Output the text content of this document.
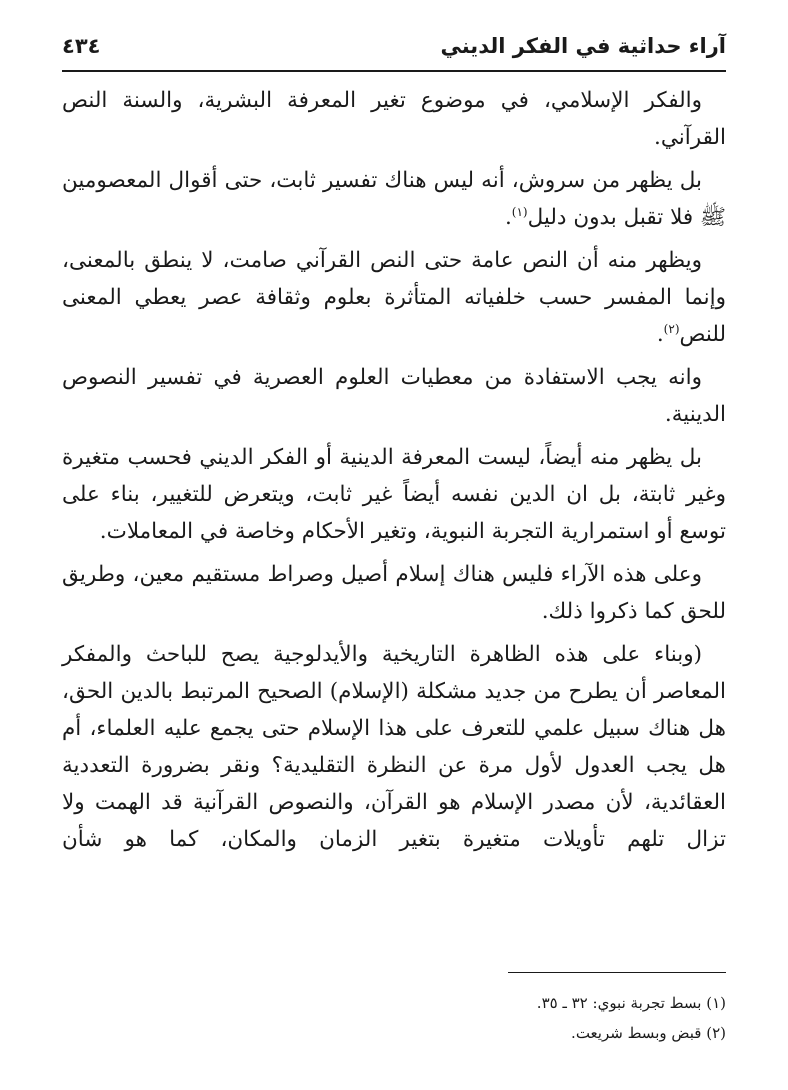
آراء حداثية في الفكر الديني
٤٣٤

والفكر الإسلامي، في موضوع تغير المعرفة البشرية، والسنة النص القرآني.

بل يظهر من سروش، أنه ليس هناك تفسير ثابت، حتى أقوال المعصومين ﷺ فلا تقبل بدون دليل$^{(١)}$.

ويظهر منه أن النص عامة حتى النص القرآني صامت، لا ينطق بالمعنى، وإنما المفسر حسب خلفياته المتأثرة بعلوم وثقافة عصر يعطي المعنى للنص$^{(٢)}$.

وانه يجب الاستفادة من معطيات العلوم العصرية في تفسير النصوص الدينية.

بل يظهر منه أيضاً، ليست المعرفة الدينية أو الفكر الديني فحسب متغيرة وغير ثابتة، بل ان الدين نفسه أيضاً غير ثابت، ويتعرض للتغيير، بناء على توسع أو استمرارية التجربة النبوية، وتغير الأحكام وخاصة في المعاملات.

وعلى هذه الآراء فليس هناك إسلام أصيل وصراط مستقيم معين، وطريق للحق كما ذكروا ذلك.

(وبناء على هذه الظاهرة التاريخية والأيدلوجية يصح للباحث والمفكر المعاصر أن يطرح من جديد مشكلة (الإسلام) الصحيح المرتبط بالدين الحق، هل هناك سبيل علمي للتعرف على هذا الإسلام حتى يجمع عليه العلماء، أم هل يجب العدول لأول مرة عن النظرة التقليدية؟ ونقر بضرورة التعددية العقائدية، لأن مصدر الإسلام هو القرآن، والنصوص القرآنية قد الهمت ولا تزال تلهم تأويلات متغيرة بتغير الزمان والمكان، كما هو شأن

(١) بسط تجربة نبوي: ٣٢ ـ ٣٥.

(٢) قبض وبسط شريعت.
